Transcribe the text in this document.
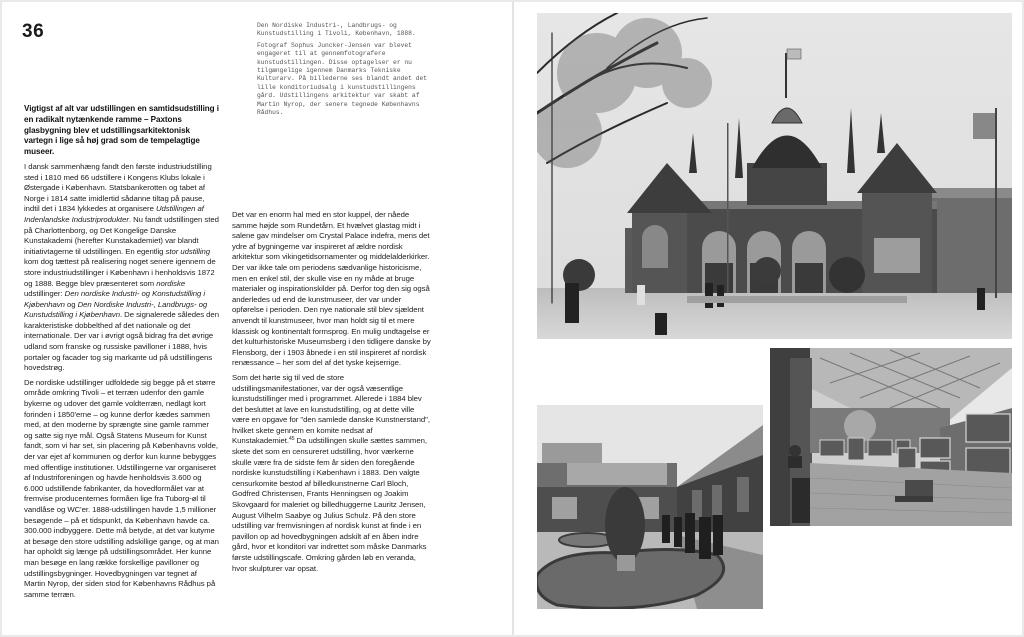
36	Den Nordiske Industri-, Landbrugs- og Kunstudstilling i Tivoli, København, 1888.

Fotograf Sophus Juncker-Jensen var blevet engageret til at gennemfotografere kunstudstillingen. Disse optagelser er nu tilgængelige igennem Danmarks Tekniske Kulturarv. På billederne ses blandt andet det lille konditoriudsalg i kunstudstillingens gård. Udstillingens arkitektur var skabt af Martin Nyrop, der senere tegnede Københavns Rådhus.

Vigtigst af alt var udstillingen en samtidsudstilling i en radikalt nytænkende ramme – Paxtons glasbygning blev et udstillingsarkitektonisk vartegn i lige så høj grad som de tempelagtige museer.

I dansk sammenhæng fandt den første industriudstilling sted i 1810 med 66 udstillere i Kongens Klubs lokale i Østergade i København. Statsbankerotten og tabet af Norge i 1814 satte imidlertid sådanne tiltag på pause, indtil det i 1834 lykkedes at organisere Udstillingen af Indenlandske Industriprodukter. Nu fandt udstillingen sted på Charlottenborg, og Det Kongelige Danske Kunstakademi (herefter Kunstakademiet) var blandt initiativtagerne til udstillingen. En egentlig stor udstilling kom dog tættest på realisering noget senere igennem de store industriudstillinger i København i henholdsvis 1872 og 1888. Begge blev præsenteret som nordiske udstillinger: Den nordiske Industri- og Konstudstilling i Kjøbenhavn og Den Nordiske Industri-, Landbrugs- og Kunstudstilling i Kjøbenhavn. De signalerede således den karakteristiske dobbelthed af det nationale og det internationale. Der var i øvrigt også bidrag fra det øvrige udland som franske og russiske pavilloner i 1888, hvis portaler og facader tog sig markante ud på udstillingens hovedstrøg.

De nordiske udstillinger udfoldede sig begge på et større område omkring Tivoli – et terræn udenfor den gamle bykerne og udover det gamle voldterræn, nedlagt kort forinden i 1850'erne – og kunne derfor kædes sammen med, at den moderne by sprængte sine gamle rammer og satte sig nye mål. Også Statens Museum for Kunst fandt, som vi har set, sin placering på Københavns volde, der var ejet af kommunen og derfor kun kunne bebygges med offentlige institutioner. Udstillingerne var organiseret af Industriforeningen og havde henholdsvis 3.600 og 6.000 udstillende fabrikanter, da hovedformålet var at fremvise producenternes formåen lige fra Tuborg-øl til vandlåse og WC'er. 1888-udstillingen havde 1,5 millioner besøgende – på et tidspunkt, da København havde ca. 300.000 indbyggere. Dette må betyde, at det var kutyme at besøge den store udstilling adskillige gange, og at man har opholdt sig længe på udstillingsområdet. Her kunne man besøge en lang række forskellige pavilloner og udstillingsbygninger. Hovedbygningen var tegnet af Martin Nyrop, der siden stod for Københavns Rådhus på samme terræn.

Det var en enorm hal med en stor kuppel, der nåede samme højde som Rundetårn. Et hvælvet glastag midt i salene gav mindelser om Crystal Palace indefra, mens det ydre af bygningerne var inspireret af ældre nordisk arkitektur som vikingetidsornamenter og middelalderkirker. Der var ikke tale om periodens sædvanlige historicisme, men en enkel stil, der skulle vise en ny måde at bruge materialer og inspirationskilder på. Derfor tog den sig også anderledes ud end de kunstmuseer, der var under opførelse i perioden. Den nye nationale stil blev sjældent anvendt til kunstmuseer, hvor man holdt sig til et mere klassisk og kontinentalt formsprog. En mulig undtagelse er det kulturhistoriske Museumsberg i den tidligere danske by Flensborg, der i 1903 åbnede i en stil inspireret af nordisk renæssance – her som del af det tyske kejserrige.

Som det hørte sig til ved de store udstillingsmanifestationer, var der også væsentlige kunstudstillinger med i programmet. Allerede i 1884 blev det besluttet at lave en kunstudstilling, og at dette ville være en opgave for "den samlede danske Kunstnerstand", hvilket skete gennem en komite nedsat af Kunstakademiet.$^{45}$ Da udstillingen skulle sættes sammen, skete det som en censureret udstilling, hvor værkerne skulle være fra de sidste fem år siden den foregående nordiske kunstudstilling i København i 1883. Den valgte censurkomite bestod af billedkunstnerne Carl Bloch, Godfred Christensen, Frants Henningsen og Joakim Skovgaard for maleriet og billedhuggerne Lauritz Jensen, August Vilhelm Saabye og Julius Schulz. På den store udstilling var fremvisningen af nordisk kunst at finde i en pavillon op ad hovedbygningen adskilt af en åben indre gård, hvor et konditori var indrettet som måske Danmarks første udstillingscafe. Omkring gården løb en veranda, hvor skulpturer var opsat.
